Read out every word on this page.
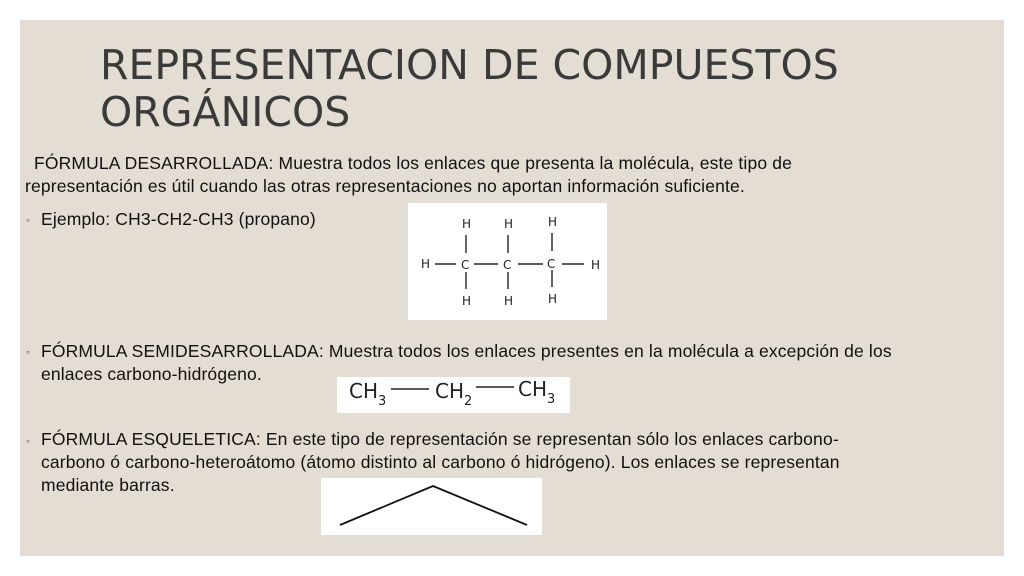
REPRESENTACION DE COMPUESTOS
ORGÁNICOS
FÓRMULA DESARROLLADA: Muestra todos los enlaces que presenta la molécula, este tipo de
representación es útil cuando las otras representaciones no aportan información suficiente.
◦ Ejemplo: CH3-CH2-CH3 (propano)	H	H	H
H	C	C	C	H
H	H	H
◦ FÓRMULA SEMIDESARROLLADA: Muestra todos los enlaces presentes en la molécula a excepción de los
enlaces carbono-hidrógeno.
CH 3 CH 2
CH 3
◦ FÓRMULA ESQUELETICA: En este tipo de representación se representan sólo los enlaces carbono-
carbono ó carbono-heteroátomo (átomo distinto al carbono ó hidrógeno). Los enlaces se representan
mediante barras.
